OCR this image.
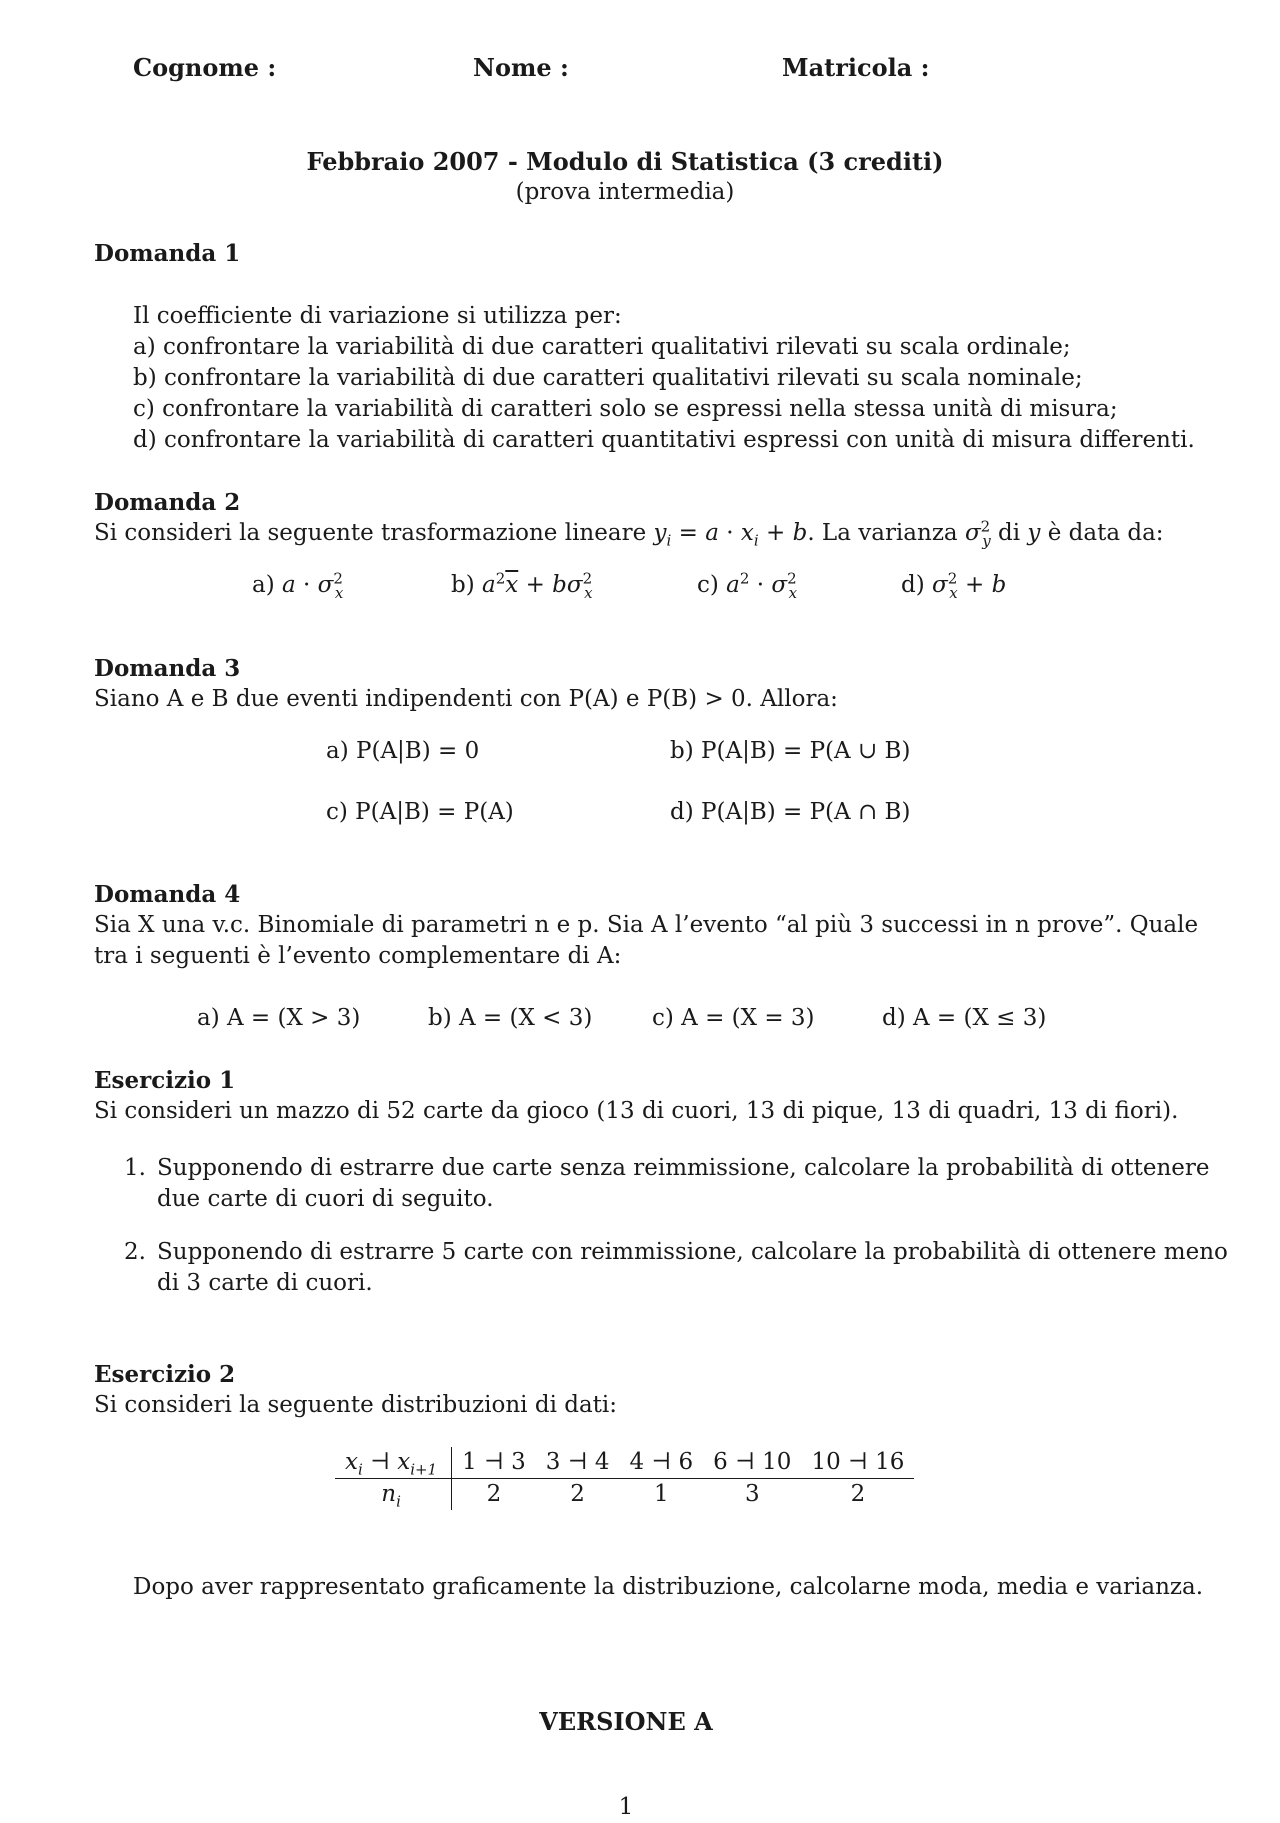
Cognome :	Nome :	Matricola :
Febbraio 2007 - Modulo di Statistica (3 crediti)
(prova intermedia)
Domanda 1
Il coefficiente di variazione si utilizza per:
a) confrontare la variabilità di due caratteri qualitativi rilevati su scala ordinale;
b) confrontare la variabilità di due caratteri qualitativi rilevati su scala nominale;
c) confrontare la variabilità di caratteri solo se espressi nella stessa unità di misura;
d) confrontare la variabilità di caratteri quantitativi espressi con unità di misura differenti.
Domanda 2
Si consideri la seguente trasformazione lineare $y_i = a \cdot x_i + b$. La varianza $\sigma^2_y$ di y è data da:
a) $a \cdot \sigma^2_x$	b) $a^2\overline{x} + b\sigma^2_x$	c) $a^2 \cdot \sigma^2_x$	d) $\sigma^2_x + b$
Domanda 3
Siano A e B due eventi indipendenti con P(A) e P(B) > 0. Allora:
a) P(A|B) = 0	b) P(A|B) = P(A ∪ B)
c) P(A|B) = P(A)	d) P(A|B) = P(A ∩ B)
Domanda 4
Sia X una v.c. Binomiale di parametri n e p. Sia A l’evento “al più 3 successi in n prove”. Quale
tra i seguenti è l’evento complementare di A:
a) A = (X > 3)	b) A = (X < 3)	c) A = (X = 3)	d) A = (X ≤ 3)
Esercizio 1
Si consideri un mazzo di 52 carte da gioco (13 di cuori, 13 di pique, 13 di quadri, 13 di fiori).
1. Supponendo di estrarre due carte senza reimmissione, calcolare la probabilità di ottenere
due carte di cuori di seguito.
2. Supponendo di estrarre 5 carte con reimmissione, calcolare la probabilità di ottenere meno
di 3 carte di cuori.
Esercizio 2
Si consideri la seguente distribuzioni di dati:
$x_i$ ⊣ $x_{i+1}$	1 ⊣ 3	3 ⊣ 4	4 ⊣ 6	6 ⊣ 10	10 ⊣ 16
$n_i$	2	2	1	3	2
Dopo aver rappresentato graficamente la distribuzione, calcolarne moda, media e varianza.
VERSIONE A
1
